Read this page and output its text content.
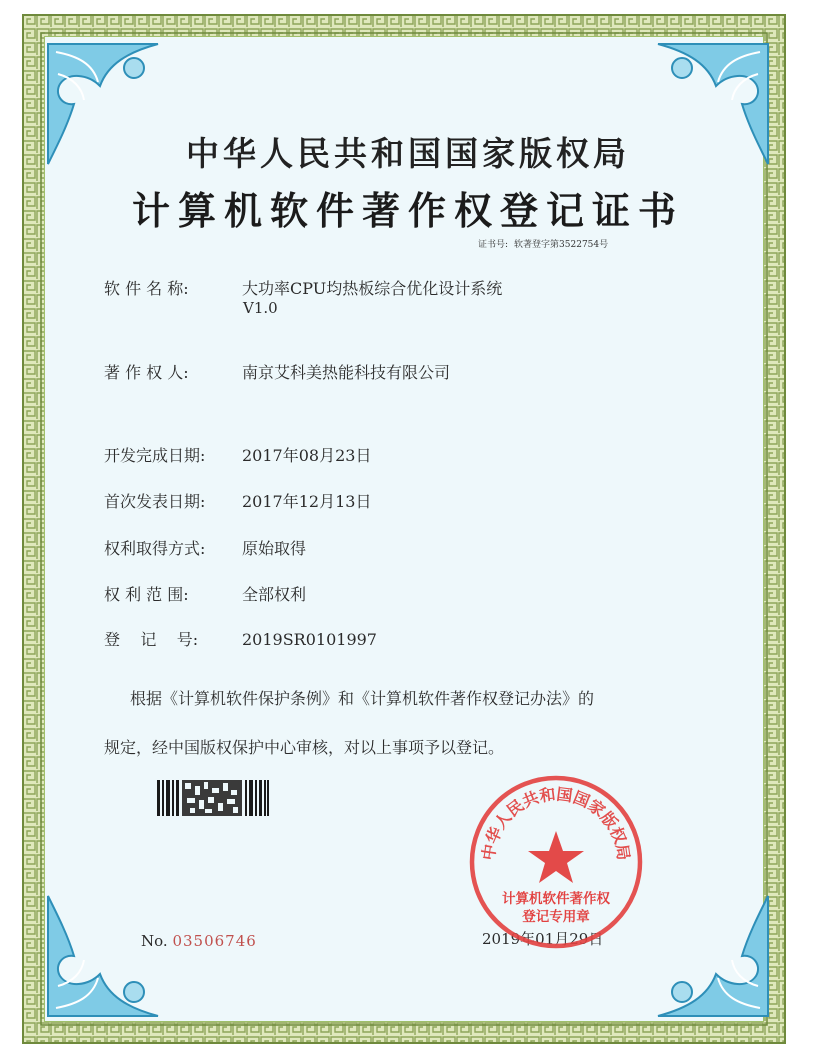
中华人民共和国国家版权局
计算机软件著作权登记证书
证书号: 软著登字第3522754号
软 件 名 称:	大功率CPU均热板综合优化设计系统
V1.0
著 作 权 人:	南京艾科美热能科技有限公司
开发完成日期: 2017年08月23日
首次发表日期: 2017年12月13日
权利取得方式: 原始取得
权 利 范 围:	全部权利
登    记    号:	2019SR0101997
根据《计算机软件保护条例》和《计算机软件著作权登记办法》的
规定，经中国版权保护中心审核，对以上事项予以登记。
No. 03506746	2019年01月29日
中华人民共和国国家版权局
计算机软件著作权
登记专用章
